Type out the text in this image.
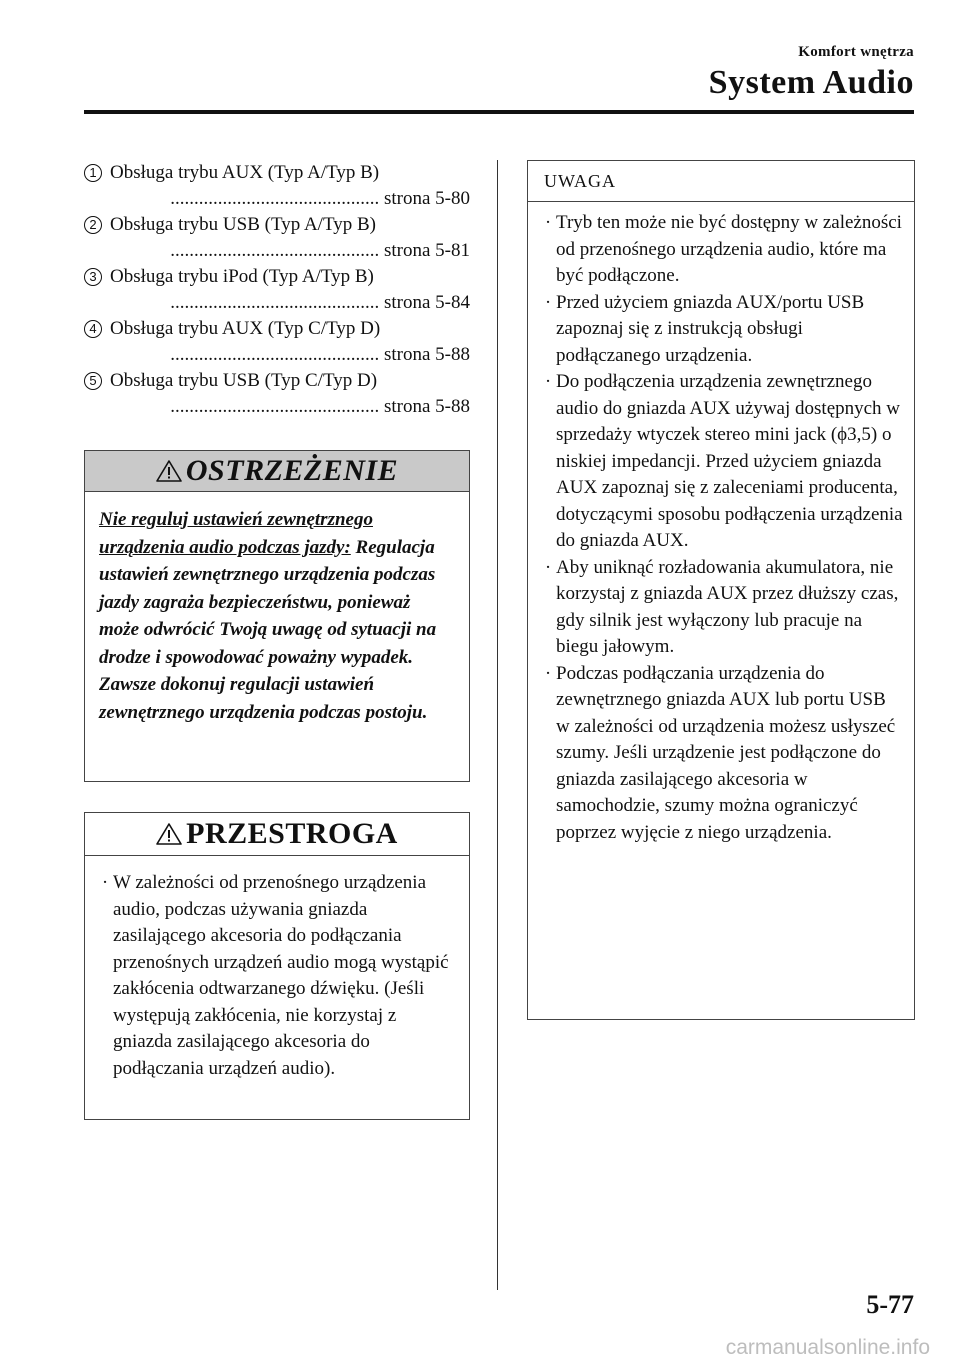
Komfort wnętrza
System Audio
1 Obsługa trybu AUX (Typ A/Typ B)
............................................ strona 5-80
2 Obsługa trybu USB (Typ A/Typ B)
............................................ strona 5-81
3 Obsługa trybu iPod (Typ A/Typ B)
............................................ strona 5-84
4 Obsługa trybu AUX (Typ C/Typ D)
............................................ strona 5-88
5 Obsługa trybu USB (Typ C/Typ D)
............................................ strona 5-88
OSTRZEŻENIE
Nie reguluj ustawień zewnętrznego urządzenia audio podczas jazdy: Regulacja ustawień zewnętrznego urządzenia podczas jazdy zagraża bezpieczeństwu, ponieważ może odwrócić Twoją uwagę od sytuacji na drodze i spowodować poważny wypadek. Zawsze dokonuj regulacji ustawień zewnętrznego urządzenia podczas postoju.
PRZESTROGA
· W zależności od przenośnego urządzenia audio, podczas używania gniazda zasilającego akcesoria do podłączania przenośnych urządzeń audio mogą wystąpić zakłócenia odtwarzanego dźwięku. (Jeśli występują zakłócenia, nie korzystaj z gniazda zasilającego akcesoria do podłączania urządzeń audio).
UWAGA
· Tryb ten może nie być dostępny w zależności od przenośnego urządzenia audio, które ma być podłączone.
· Przed użyciem gniazda AUX/portu USB zapoznaj się z instrukcją obsługi podłączanego urządzenia.
· Do podłączenia urządzenia zewnętrznego audio do gniazda AUX używaj dostępnych w sprzedaży wtyczek stereo mini jack (ϕ3,5) o niskiej impedancji. Przed użyciem gniazda AUX zapoznaj się z zaleceniami producenta, dotyczącymi sposobu podłączenia urządzenia do gniazda AUX.
· Aby uniknąć rozładowania akumulatora, nie korzystaj z gniazda AUX przez dłuższy czas, gdy silnik jest wyłączony lub pracuje na biegu jałowym.
· Podczas podłączania urządzenia do zewnętrznego gniazda AUX lub portu USB w zależności od urządzenia możesz usłyszeć szumy. Jeśli urządzenie jest podłączone do gniazda zasilającego akcesoria w samochodzie, szumy można ograniczyć poprzez wyjęcie z niego urządzenia.
5-77
carmanualsonline.info
